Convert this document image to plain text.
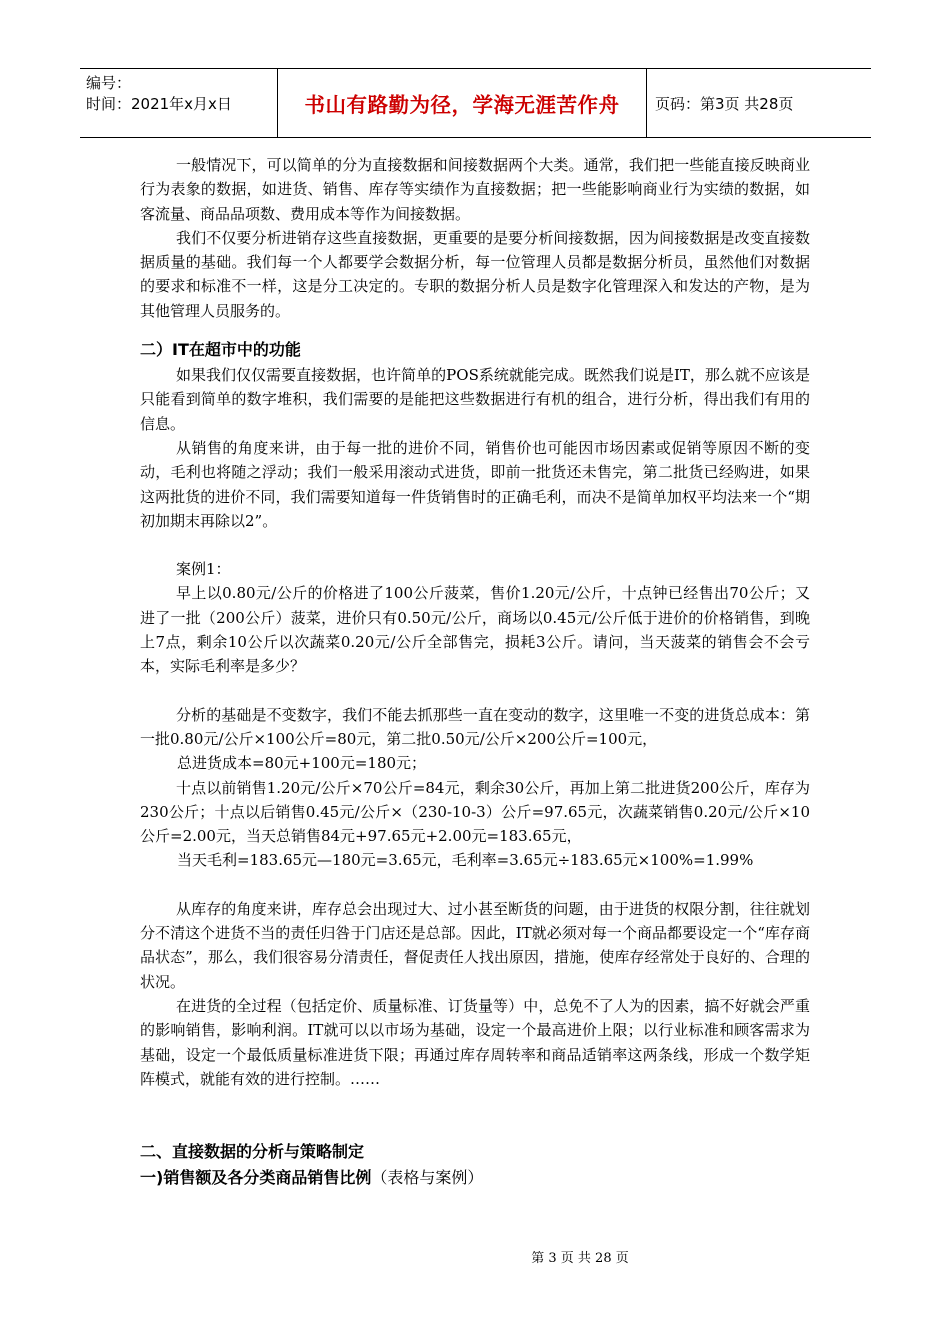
编号：
时间：2021年x月x日	书山有路勤为径，学海无涯苦作舟 页码：第3页 共28页

一般情况下，可以简单的分为直接数据和间接数据两个大类。通常，我们把一些能直接反映商业行为表象的数据，如进货、销售、库存等实绩作为直接数据；把一些能影响商业行为实绩的数据，如客流量、商品品项数、费用成本等作为间接数据。

我们不仅要分析进销存这些直接数据，更重要的是要分析间接数据，因为间接数据是改变直接数据质量的基础。我们每一个人都要学会数据分析，每一位管理人员都是数据分析员，虽然他们对数据的要求和标准不一样，这是分工决定的。专职的数据分析人员是数字化管理深入和发达的产物，是为其他管理人员服务的。

二）IT在超市中的功能

如果我们仅仅需要直接数据，也许简单的POS系统就能完成。既然我们说是IT，那么就不应该是只能看到简单的数字堆积，我们需要的是能把这些数据进行有机的组合，进行分析，得出我们有用的信息。

从销售的角度来讲，由于每一批的进价不同，销售价也可能因市场因素或促销等原因不断的变动，毛利也将随之浮动；我们一般采用滚动式进货，即前一批货还未售完，第二批货已经购进，如果这两批货的进价不同，我们需要知道每一件货销售时的正确毛利，而决不是简单加权平均法来一个“期初加期末再除以2”。

案例1：

早上以0.80元/公斤的价格进了100公斤菠菜，售价1.20元/公斤，十点钟已经售出70公斤；又进了一批（200公斤）菠菜，进价只有0.50元/公斤，商场以0.45元/公斤低于进价的价格销售，到晚上7点，剩余10公斤以次蔬菜0.20元/公斤全部售完，损耗3公斤。请问，当天菠菜的销售会不会亏本，实际毛利率是多少？

分析的基础是不变数字，我们不能去抓那些一直在变动的数字，这里唯一不变的进货总成本：第一批0.80元/公斤×100公斤=80元，第二批0.50元/公斤×200公斤=100元，

总进货成本=80元+100元=180元；

十点以前销售1.20元/公斤×70公斤=84元，剩余30公斤，再加上第二批进货200公斤，库存为230公斤；十点以后销售0.45元/公斤×（230-10-3）公斤=97.65元，次蔬菜销售0.20元/公斤×10公斤=2.00元，当天总销售84元+97.65元+2.00元=183.65元，

当天毛利=183.65元—180元=3.65元，毛利率=3.65元÷183.65元×100%=1.99%

从库存的角度来讲，库存总会出现过大、过小甚至断货的问题，由于进货的权限分割，往往就划分不清这个进货不当的责任归咎于门店还是总部。因此，IT就必须对每一个商品都要设定一个“库存商品状态”，那么，我们很容易分清责任，督促责任人找出原因，措施，使库存经常处于良好的、合理的状况。

在进货的全过程（包括定价、质量标准、订货量等）中，总免不了人为的因素，搞不好就会严重的影响销售，影响利润。IT就可以以市场为基础，设定一个最高进价上限；以行业标准和顾客需求为基础，设定一个最低质量标准进货下限；再通过库存周转率和商品适销率这两条线，形成一个数学矩阵模式，就能有效的进行控制。……

二、直接数据的分析与策略制定
一)销售额及各分类商品销售比例（表格与案例）
第 3 页 共 28 页
